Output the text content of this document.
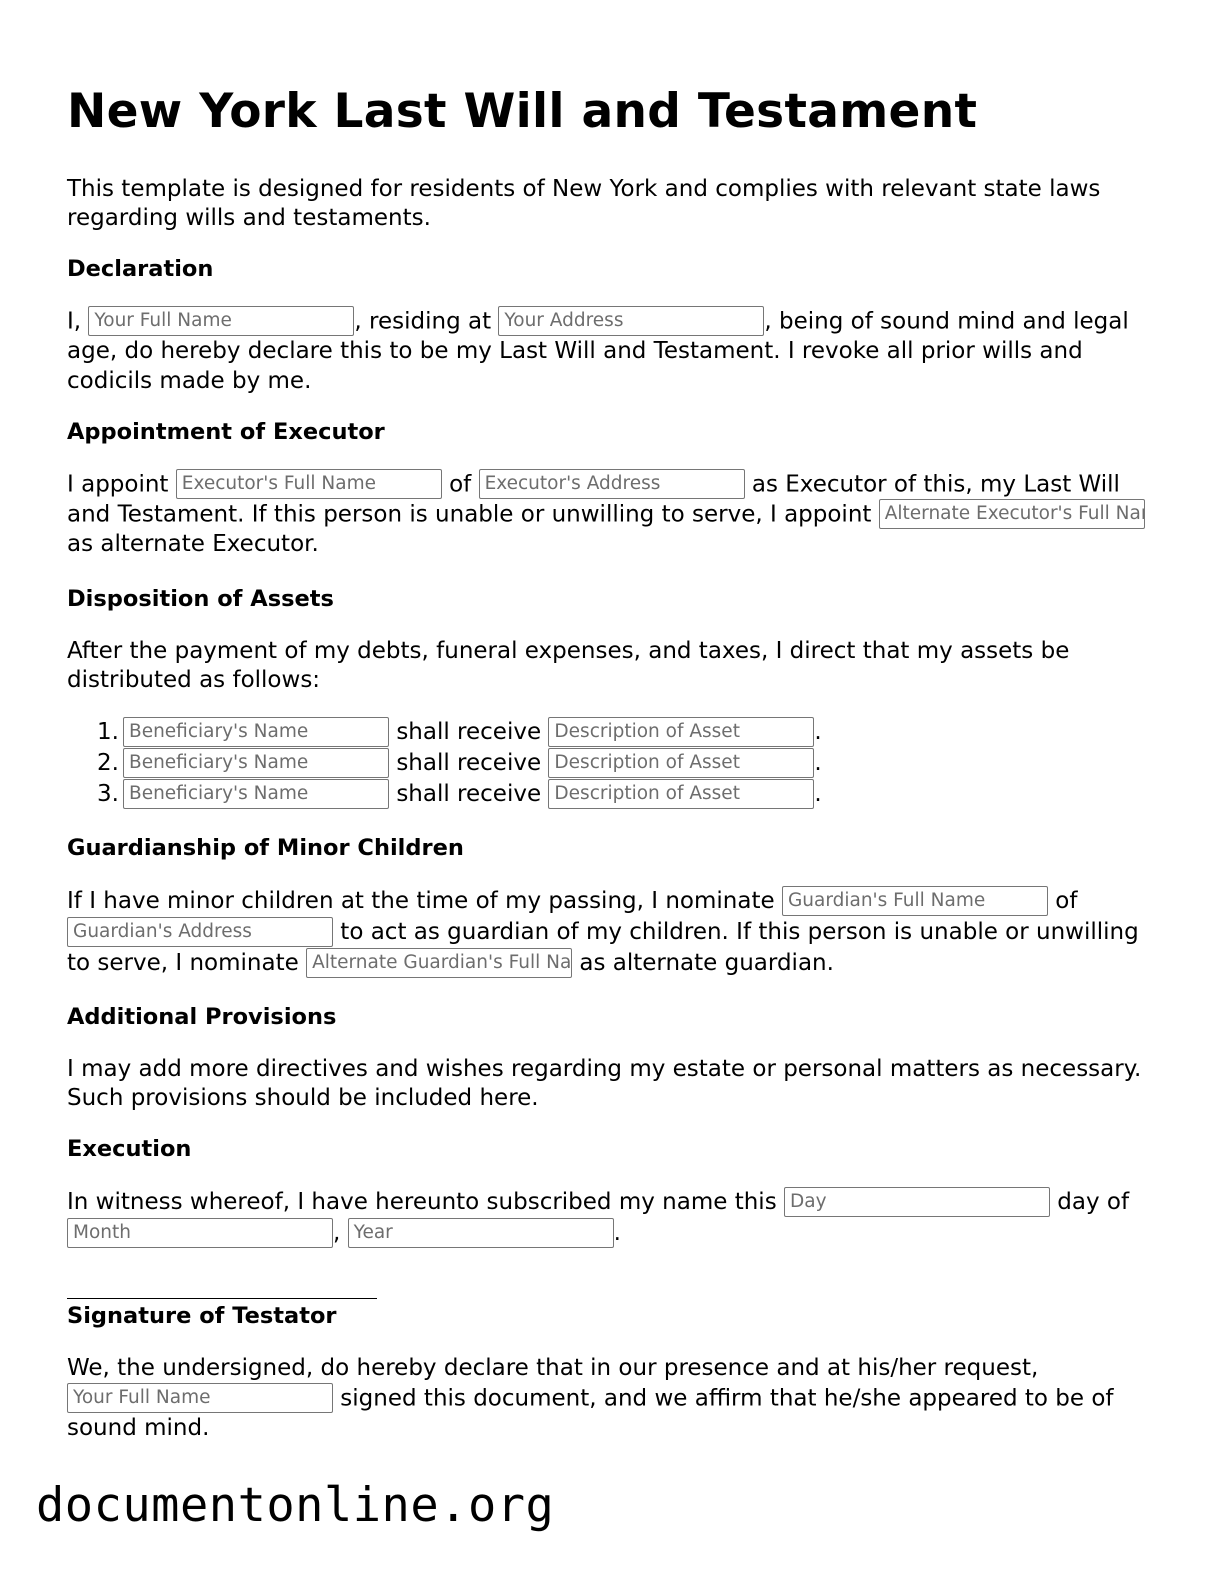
New York Last Will and Testament

This template is designed for residents of New York and complies with relevant state laws regarding wills and testaments.

Declaration

I, Your Full Name	, residing at Your Address	, being of sound mind and legal age, do hereby declare this to be my Last Will and Testament. I revoke all prior wills and codicils made by me.

Appointment of Executor

I appoint Executor's Full Name	of Executor's Address	as Executor of this, my Last Will and Testament. If this person is unable or unwilling to serve, I appoint Alternate Executor's Full Name as alternate Executor.

Disposition of Assets

After the payment of my debts, funeral expenses, and taxes, I direct that my assets be distributed as follows:

1. Beneficiary's Name	shall receive Description of Asset	.
2. Beneficiary's Name	shall receive Description of Asset	.
3. Beneficiary's Name	shall receive Description of Asset	.
Guardianship of Minor Children

If I have minor children at the time of my passing, I nominate Guardian's Full Name	of Guardian's Address to act as guardian of my children. If this person is unable or unwilling to serve, I nominate Alternate Guardian's Full Name	as alternate guardian.

Additional Provisions

I may add more directives and wishes regarding my estate or personal matters as necessary. Such provisions should be included here.

Execution

In witness whereof, I have hereunto subscribed my name this Day	day of Month, Year	.

Signature of Testator

We, the undersigned, do hereby declare that in our presence and at his/her request, Your Full Name signed this document, and we affirm that he/she appeared to be of sound mind.

documentonline.org
